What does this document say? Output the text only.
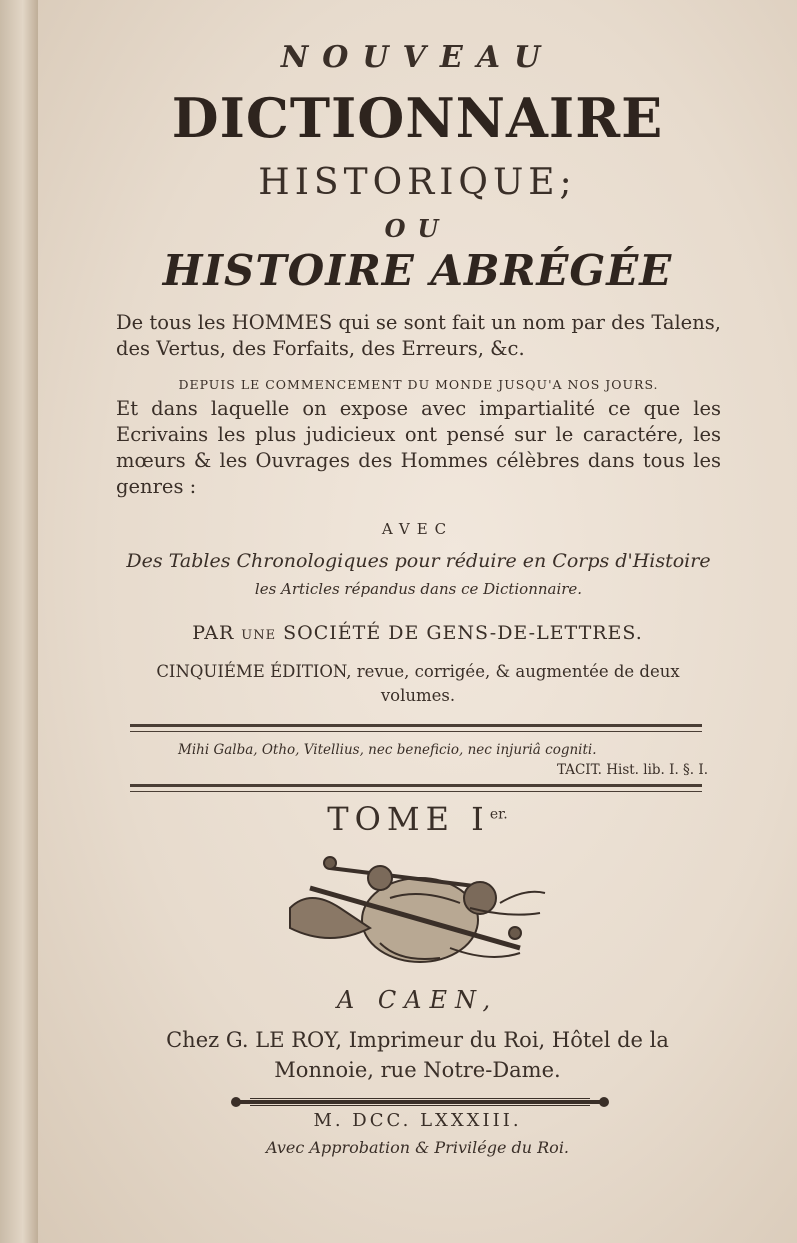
NOUVEAU
DICTIONNAIRE
HISTORIQUE;
OU
HISTOIRE ABRÉGÉE
De tous les HOMMES qui se sont fait un nom par des Talens, des Vertus, des Forfaits, des Erreurs, &c.
DEPUIS LE COMMENCEMENT DU MONDE JUSQU'A NOS JOURS.
Et dans laquelle on expose avec impartialité ce que les Ecrivains les plus judicieux ont pensé sur le caractére, les mœurs & les Ouvrages des Hommes célèbres dans tous les genres :
AVEC
Des Tables Chronologiques pour réduire en Corps d'Histoire
les Articles répandus dans ce Dictionnaire.
PAR une SOCIÉTÉ DE GENS-DE-LETTRES.
CINQUIÉME ÉDITION, revue, corrigée, & augmentée de deux volumes.
Mihi Galba, Otho, Vitellius, nec beneficio, nec injuriâ cogniti.
TACIT. Hist. lib. I. §. I.
TOME $I^{er.}$
A CAEN,
Chez G. LE ROY, Imprimeur du Roi, Hôtel de la
Monnoie, rue Notre-Dame.
M. DCC. LXXXIII.
Avec Approbation & Privilége du Roi.
